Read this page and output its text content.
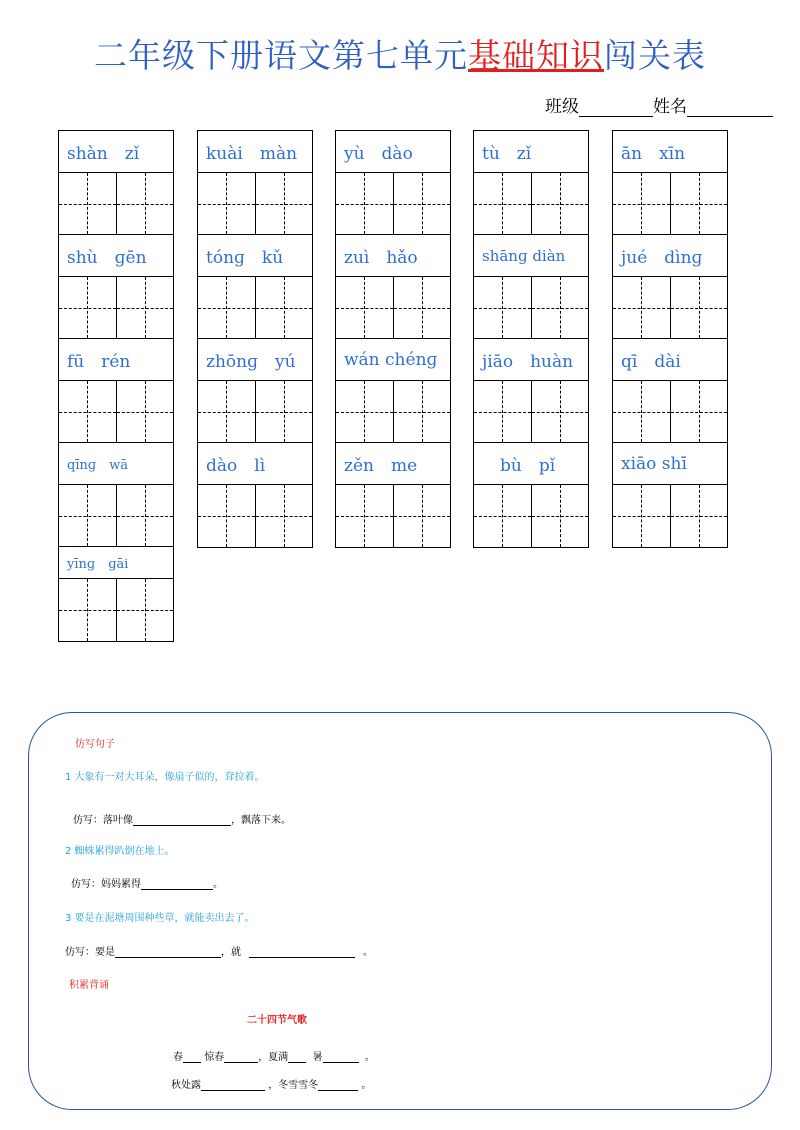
二年级下册语文第七单元基础知识闯关表
班级	姓名
shàn　zǐ
shù　ɡēn
fū　rén
qīnɡ　wā
yīnɡ　ɡāi
kuài　màn
tónɡ　kǔ
zhōnɡ　yú
dào　lì
yù　dào
zuì　hǎo
wán chénɡ
zěn　me
tù　zǐ
shānɡ diàn
jiāo　huàn
bù　pǐ
ān　xīn
jué　dìnɡ
qī　dài
xiāo shī
仿写句子
1 大象有一对大耳朵，像扇子似的，耷拉着。
仿写：落叶像	，飘落下来。
2 蜘蛛累得趴倒在地上。
仿写：妈妈累得	。
3 要是在泥塘周围种些草，就能卖出去了。
仿写：要是	，就	。
积累背诵
二十四节气歌
春 惊春	，夏满 暑	。
秋处露	，冬雪雪冬	。
